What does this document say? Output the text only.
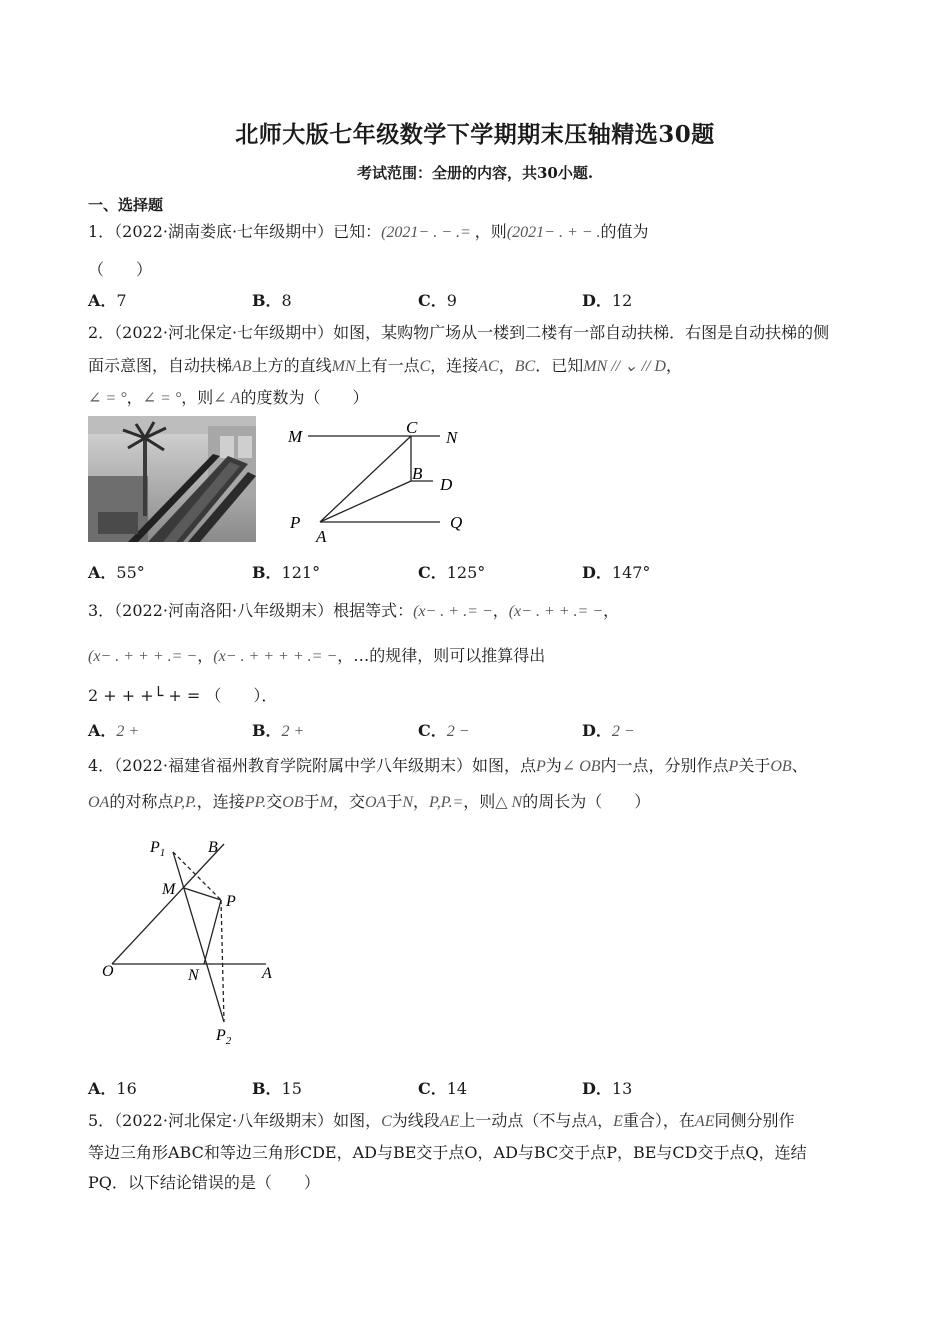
北师大版七年级数学下学期期末压轴精选30题
考试范围：全册的内容，共30小题.
一、选择题
1．（2022·湖南娄底·七年级期中）已知：(2021− . − .= ，则(2021− . + − .的值为
（　　）
A．7	B．8	C．9	D．12
2．（2022·河北保定·七年级期中）如图，某购物广场从一楼到二楼有一部自动扶梯．右图是自动扶梯的侧
面示意图，自动扶梯AB上方的直线MN上有一点C，连接AC，BC．已知MN // ⌄ // D，
∠ = °，∠ = °，则∠ A的度数为（　　）
M	C
N
B
D
P
A
Q
A．55°	B．121°	C．125°	D．147°
3．（2022·河南洛阳·八年级期末）根据等式：(x− . + .= −，(x− . + + .= −，
(x− . + + + .= −，(x− . + + + + .= −，…的规律，则可以推算得出
2 + + +└ + = （　　）．
A．2 +	B．2 +	C．2 −	D．2 −
4．（2022·福建省福州教育学院附属中学八年级期末）如图，点P为∠ OB内一点，分别作点P关于OB、
OA的对称点P,P.，连接PP.交OB于M，交OA于N，P,P.=，则△ N的周长为（　　）
$P_1$	B
M
P
O	N	A
$P_2$
A．16	B．15	C．14	D．13
5．（2022·河北保定·八年级期末）如图，C为线段AE上一动点（不与点A，E重合），在AE同侧分别作
等边三角形ABC和等边三角形CDE，AD与BE交于点O，AD与BC交于点P，BE与CD交于点Q，连结
PQ．以下结论错误的是（　　）
